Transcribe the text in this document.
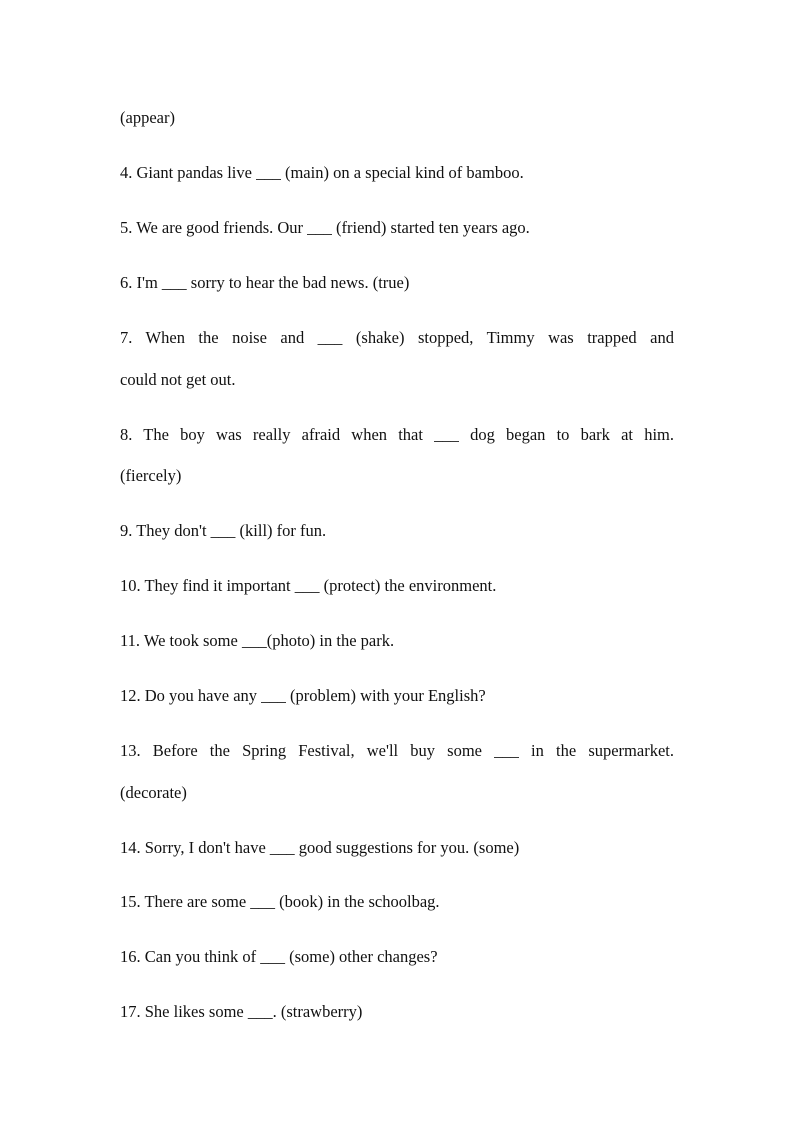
(appear)
4. Giant pandas live ___ (main) on a special kind of bamboo.
5. We are good friends. Our ___ (friend) started ten years ago.
6. I'm ___ sorry to hear the bad news. (true)
7. When the noise and ___ (shake) stopped, Timmy was trapped and
could not get out.
8. The boy was really afraid when that ___ dog began to bark at him.
(fiercely)
9. They don't ___ (kill) for fun.
10. They find it important ___ (protect) the environment.
11. We took some ___(photo) in the park.
12. Do you have any ___ (problem) with your English?
13. Before the Spring Festival, we'll buy some ___ in the supermarket.
(decorate)
14. Sorry, I don't have ___ good suggestions for you. (some)
15. There are some ___ (book) in the schoolbag.
16. Can you think of ___ (some) other changes?
17. She likes some ___. (strawberry)
